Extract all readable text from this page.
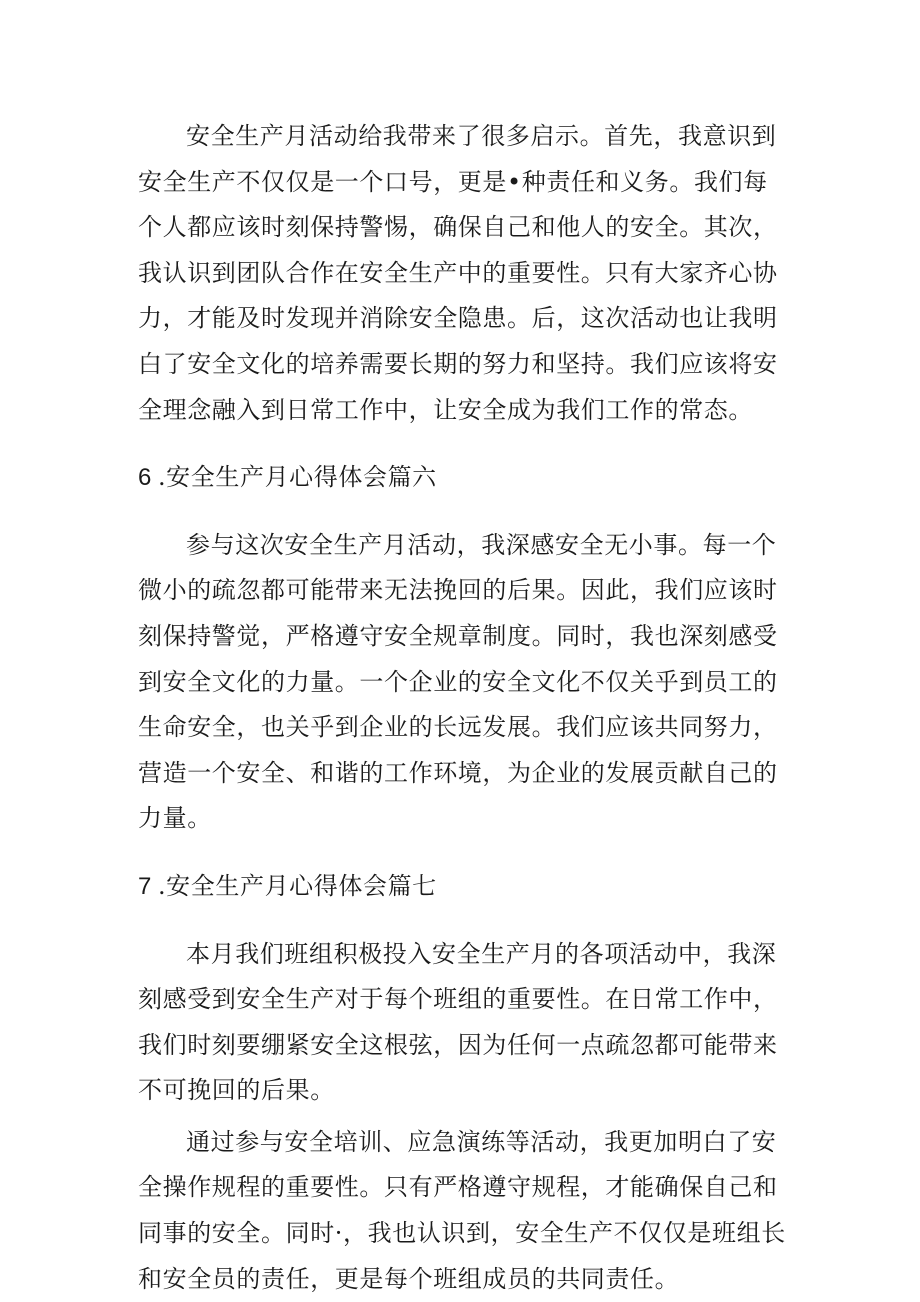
安全生产月活动给我带来了很多启示。首先，我意识到安全生产不仅仅是一个口号，更是•种责任和义务。我们每个人都应该时刻保持警惕，确保自己和他人的安全。其次，我认识到团队合作在安全生产中的重要性。只有大家齐心协力，才能及时发现并消除安全隐患。后，这次活动也让我明白了安全文化的培养需要长期的努力和坚持。我们应该将安全理念融入到日常工作中，让安全成为我们工作的常态。

6 .安全生产月心得体会篇六

参与这次安全生产月活动，我深感安全无小事。每一个微小的疏忽都可能带来无法挽回的后果。因此，我们应该时刻保持警觉，严格遵守安全规章制度。同时，我也深刻感受到安全文化的力量。一个企业的安全文化不仅关乎到员工的生命安全，也关乎到企业的长远发展。我们应该共同努力，营造一个安全、和谐的工作环境，为企业的发展贡献自己的力量。

7 .安全生产月心得体会篇七

本月我们班组积极投入安全生产月的各项活动中，我深刻感受到安全生产对于每个班组的重要性。在日常工作中，我们时刻要绷紧安全这根弦，因为任何一点疏忽都可能带来不可挽回的后果。

通过参与安全培训、应急演练等活动，我更加明白了安全操作规程的重要性。只有严格遵守规程，才能确保自己和同事的安全。同时·，我也认识到，安全生产不仅仅是班组长和安全员的责任，更是每个班组成员的共同责任。
